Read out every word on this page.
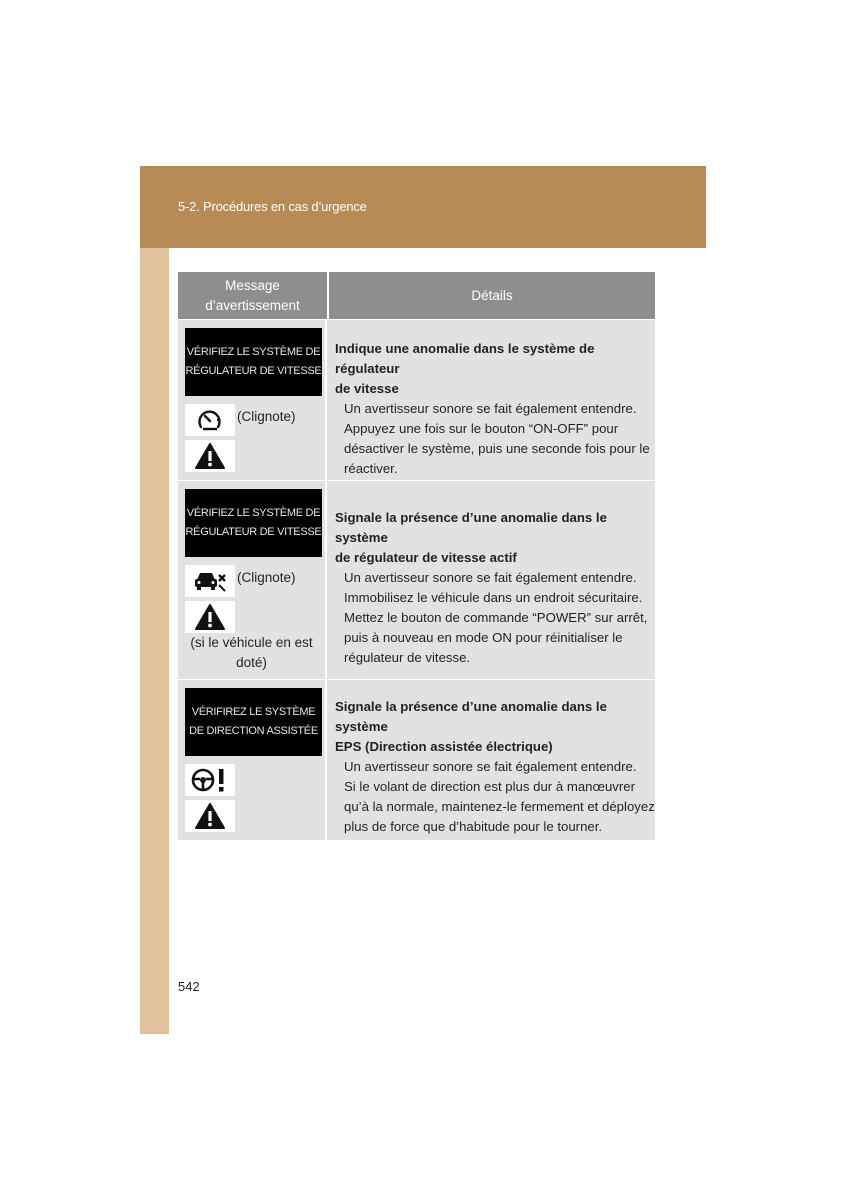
5-2. Procédures en cas d’urgence
Message
d’avertissement
Détails
VÉRIFIEZ LE SYSTÈME DE
RÉGULATEUR DE VITESSE
(Clignote)
Indique une anomalie dans le système de régulateur
de vitesse
Un avertisseur sonore se fait également entendre.
Appuyez une fois sur le bouton “ON-OFF” pour
désactiver le système, puis une seconde fois pour le
réactiver.
VÉRIFIEZ LE SYSTÈME DE
RÉGULATEUR DE VITESSE
(Clignote)
(si le véhicule en est
doté)
Signale la présence d’une anomalie dans le système
de régulateur de vitesse actif
Un avertisseur sonore se fait également entendre.
Immobilisez le véhicule dans un endroit sécuritaire.
Mettez le bouton de commande “POWER” sur arrêt,
puis à nouveau en mode ON pour réinitialiser le
régulateur de vitesse.
VÉRIFIREZ LE SYSTÈME
DE DIRECTION ASSISTÉE
Signale la présence d’une anomalie dans le système
EPS (Direction assistée électrique)
Un avertisseur sonore se fait également entendre.
Si le volant de direction est plus dur à manœuvrer
qu’à la normale, maintenez-le fermement et déployez
plus de force que d’habitude pour le tourner.
542
